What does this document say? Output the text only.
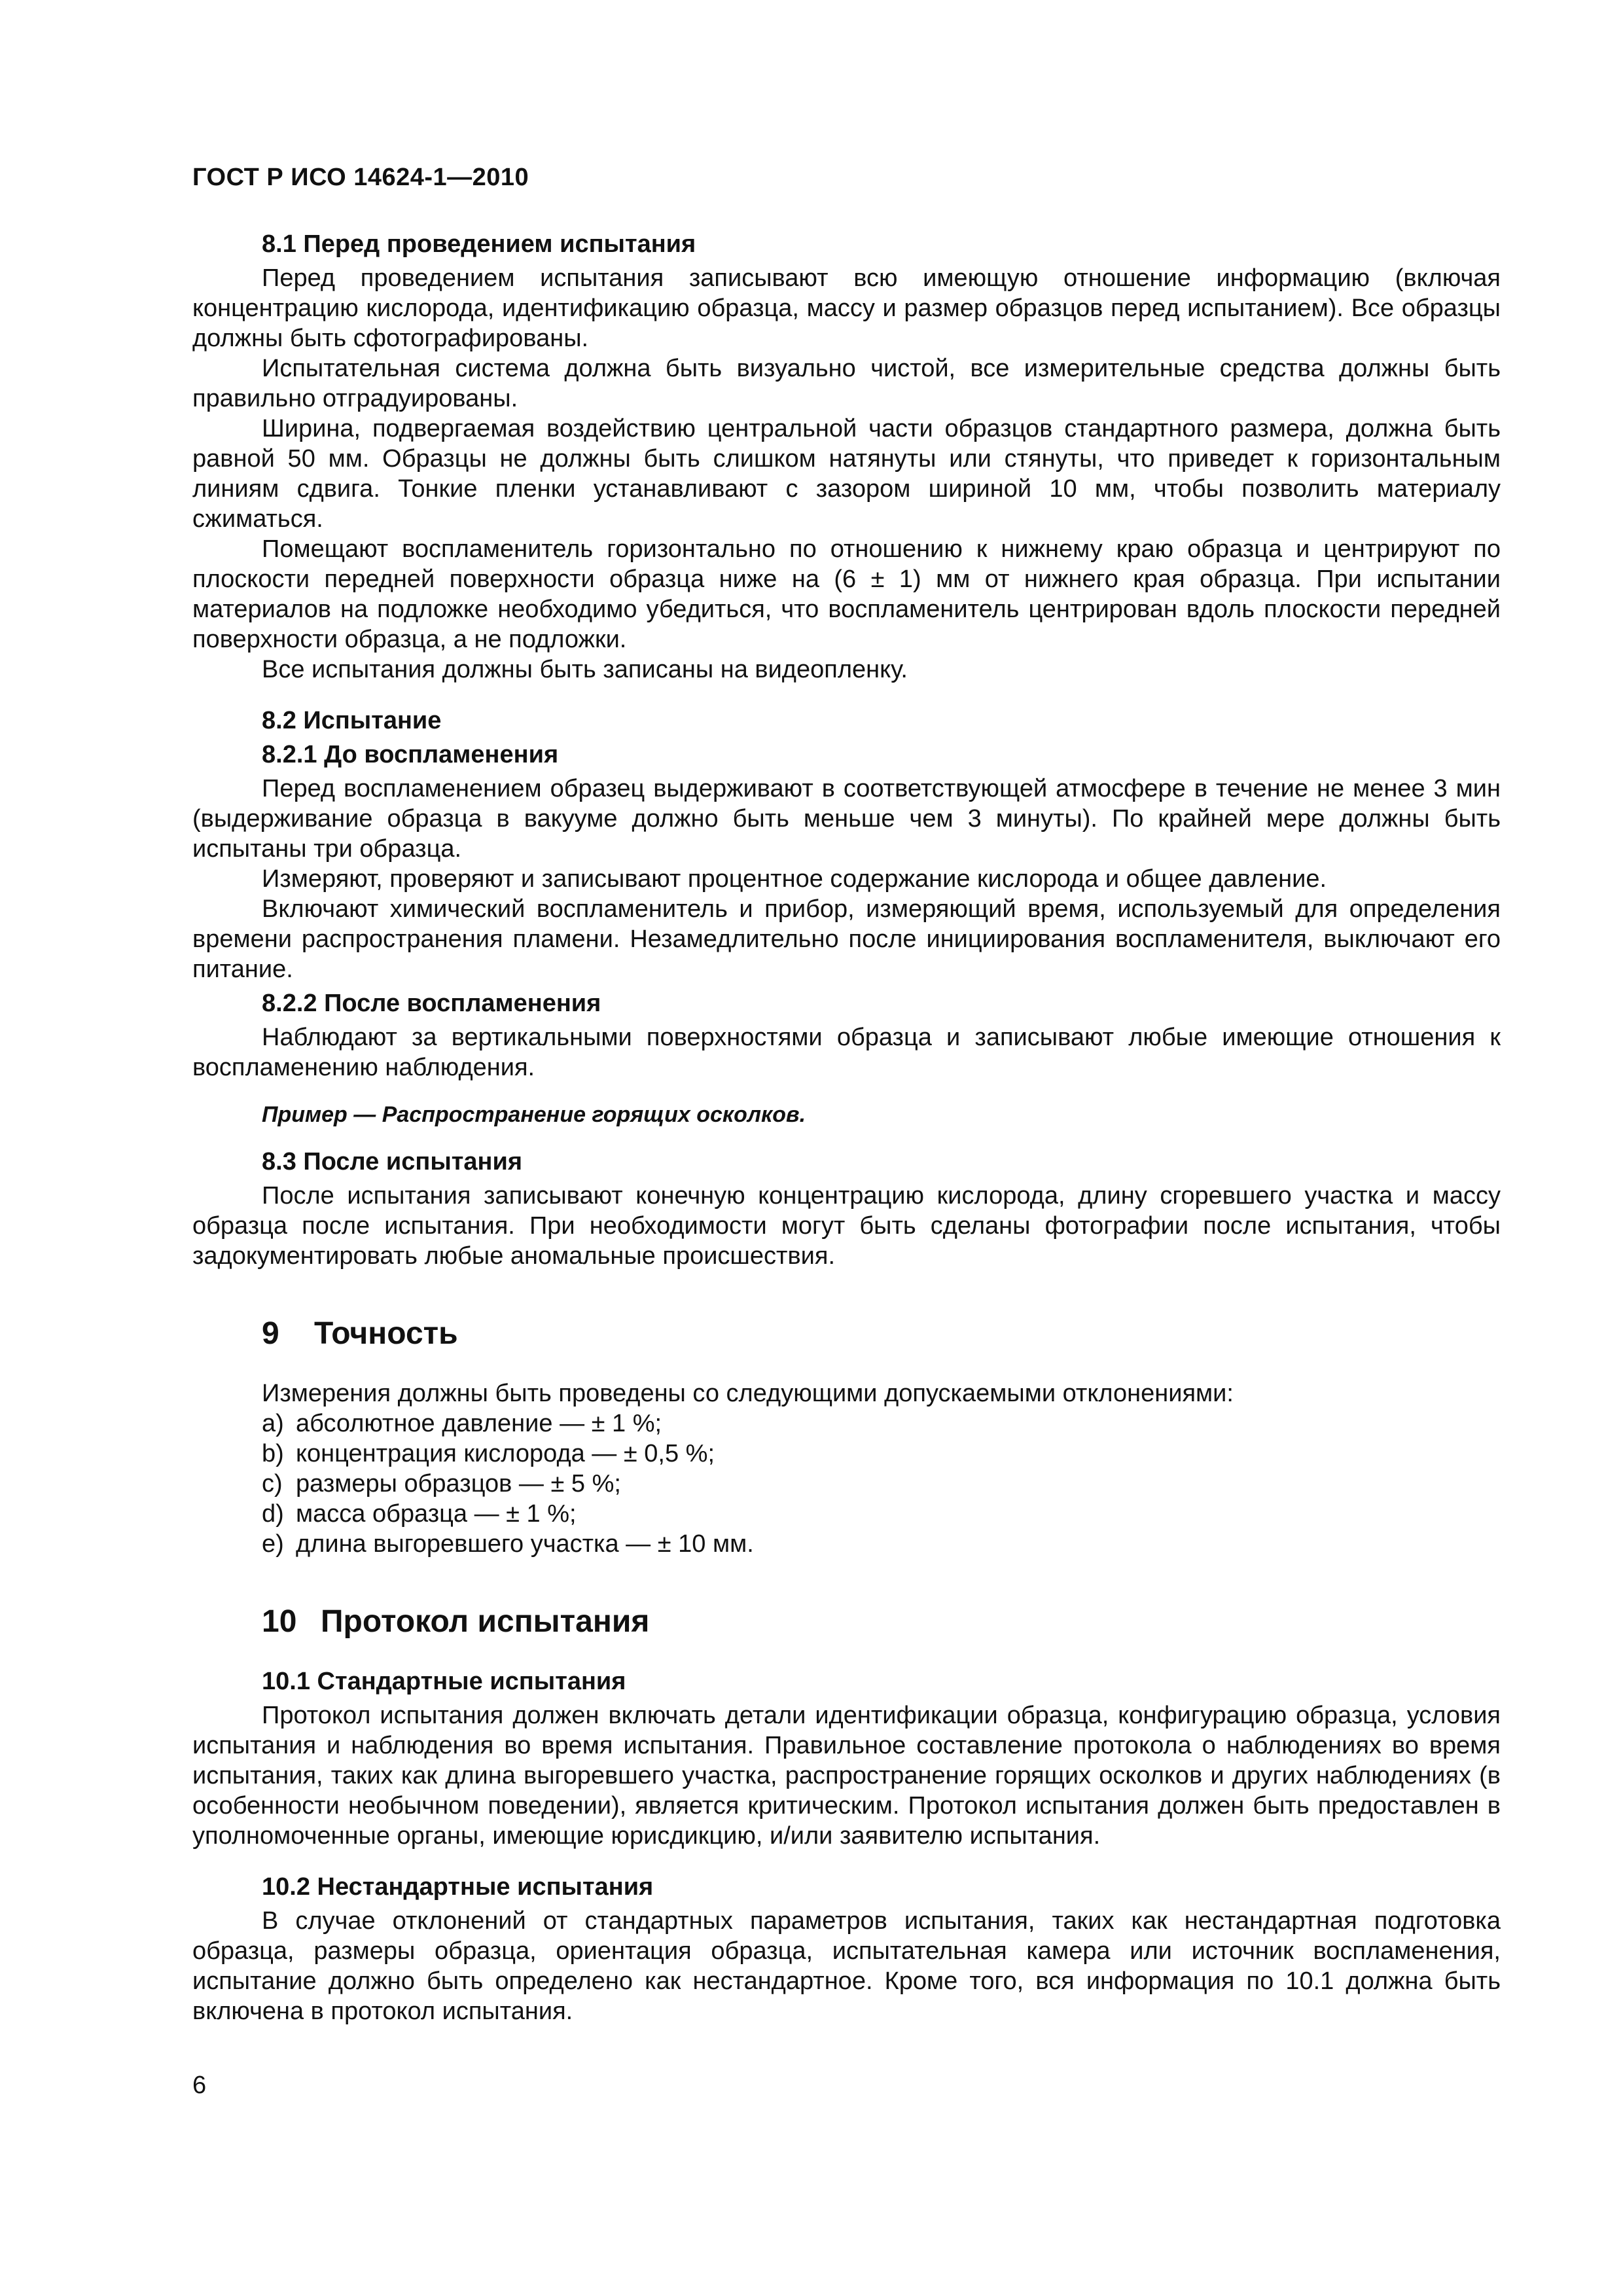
ГОСТ Р ИСО 14624-1—2010
8.1 Перед проведением испытания

Перед проведением испытания записывают всю имеющую отношение информацию (включая концентрацию кислорода, идентификацию образца, массу и размер образцов перед испытанием). Все образцы должны быть сфотографированы.

Испытательная система должна быть визуально чистой, все измерительные средства должны быть правильно отградуированы.

Ширина, подвергаемая воздействию центральной части образцов стандартного размера, должна быть равной 50 мм. Образцы не должны быть слишком натянуты или стянуты, что приведет к горизонтальным линиям сдвига. Тонкие пленки устанавливают с зазором шириной 10 мм, чтобы позволить материалу сжиматься.

Помещают воспламенитель горизонтально по отношению к нижнему краю образца и центрируют по плоскости передней поверхности образца ниже на (6 ± 1) мм от нижнего края образца. При испытании материалов на подложке необходимо убедиться, что воспламенитель центрирован вдоль плоскости передней поверхности образца, а не подложки.

Все испытания должны быть записаны на видеопленку.

8.2 Испытание
8.2.1 До воспламенения

Перед воспламенением образец выдерживают в соответствующей атмосфере в течение не менее 3 мин (выдерживание образца в вакууме должно быть меньше чем 3 минуты). По крайней мере должны быть испытаны три образца.

Измеряют, проверяют и записывают процентное содержание кислорода и общее давление.

Включают химический воспламенитель и прибор, измеряющий время, используемый для определения времени распространения пламени. Незамедлительно после инициирования воспламенителя, выключают его питание.

8.2.2 После воспламенения

Наблюдают за вертикальными поверхностями образца и записывают любые имеющие отношения к воспламенению наблюдения.

Пример — Распространение горящих осколков.
8.3 После испытания

После испытания записывают конечную концентрацию кислорода, длину сгоревшего участка и массу образца после испытания. При необходимости могут быть сделаны фотографии после испытания, чтобы задокументировать любые аномальные происшествия.

9 Точность

Измерения должны быть проведены со следующими допускаемыми отклонениями:

a) абсолютное давление — ± 1 %;
b) концентрация кислорода — ± 0,5 %;
c) размеры образцов — ± 5 %;
d) масса образца — ± 1 %;
e) длина выгоревшего участка — ± 10 мм.
10 Протокол испытания
10.1 Стандартные испытания

Протокол испытания должен включать детали идентификации образца, конфигурацию образца, условия испытания и наблюдения во время испытания. Правильное составление протокола о наблюдениях во время испытания, таких как длина выгоревшего участка, распространение горящих осколков и других наблюдениях (в особенности необычном поведении), является критическим. Протокол испытания должен быть предоставлен в уполномоченные органы, имеющие юрисдикцию, и/или заявителю испытания.

10.2 Нестандартные испытания

В случае отклонений от стандартных параметров испытания, таких как нестандартная подготовка образца, размеры образца, ориентация образца, испытательная камера или источник воспламенения, испытание должно быть определено как нестандартное. Кроме того, вся информация по 10.1 должна быть включена в протокол испытания.

6
